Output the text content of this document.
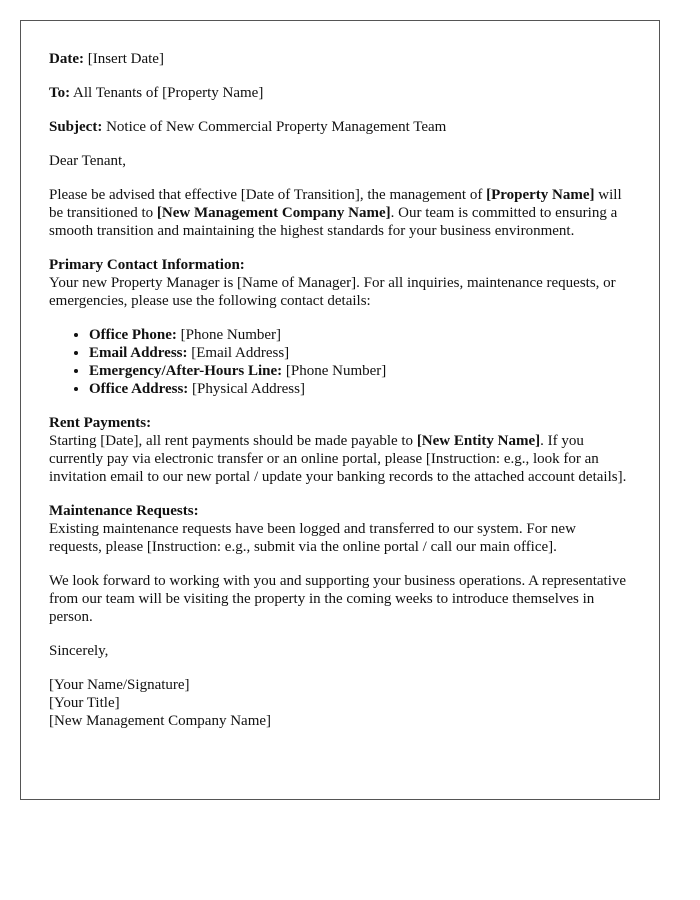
Date: [Insert Date]

To: All Tenants of [Property Name]

Subject: Notice of New Commercial Property Management Team

Dear Tenant,

Please be advised that effective [Date of Transition], the management of [Property Name] will be transitioned to [New Management Company Name]. Our team is committed to ensuring a smooth transition and maintaining the highest standards for your business environment.

Primary Contact Information:
Your new Property Manager is [Name of Manager]. For all inquiries, maintenance requests, or emergencies, please use the following contact details:

• Office Phone: [Phone Number]
• Email Address: [Email Address]
• Emergency/After-Hours Line: [Phone Number]
• Office Address: [Physical Address]

Rent Payments:
Starting [Date], all rent payments should be made payable to [New Entity Name]. If you currently pay via electronic transfer or an online portal, please [Instruction: e.g., look for an invitation email to our new portal / update your banking records to the attached account details].

Maintenance Requests:
Existing maintenance requests have been logged and transferred to our system. For new requests, please [Instruction: e.g., submit via the online portal / call our main office].

We look forward to working with you and supporting your business operations. A representative from our team will be visiting the property in the coming weeks to introduce themselves in person.

Sincerely,

[Your Name/Signature]
[Your Title]
[New Management Company Name]
